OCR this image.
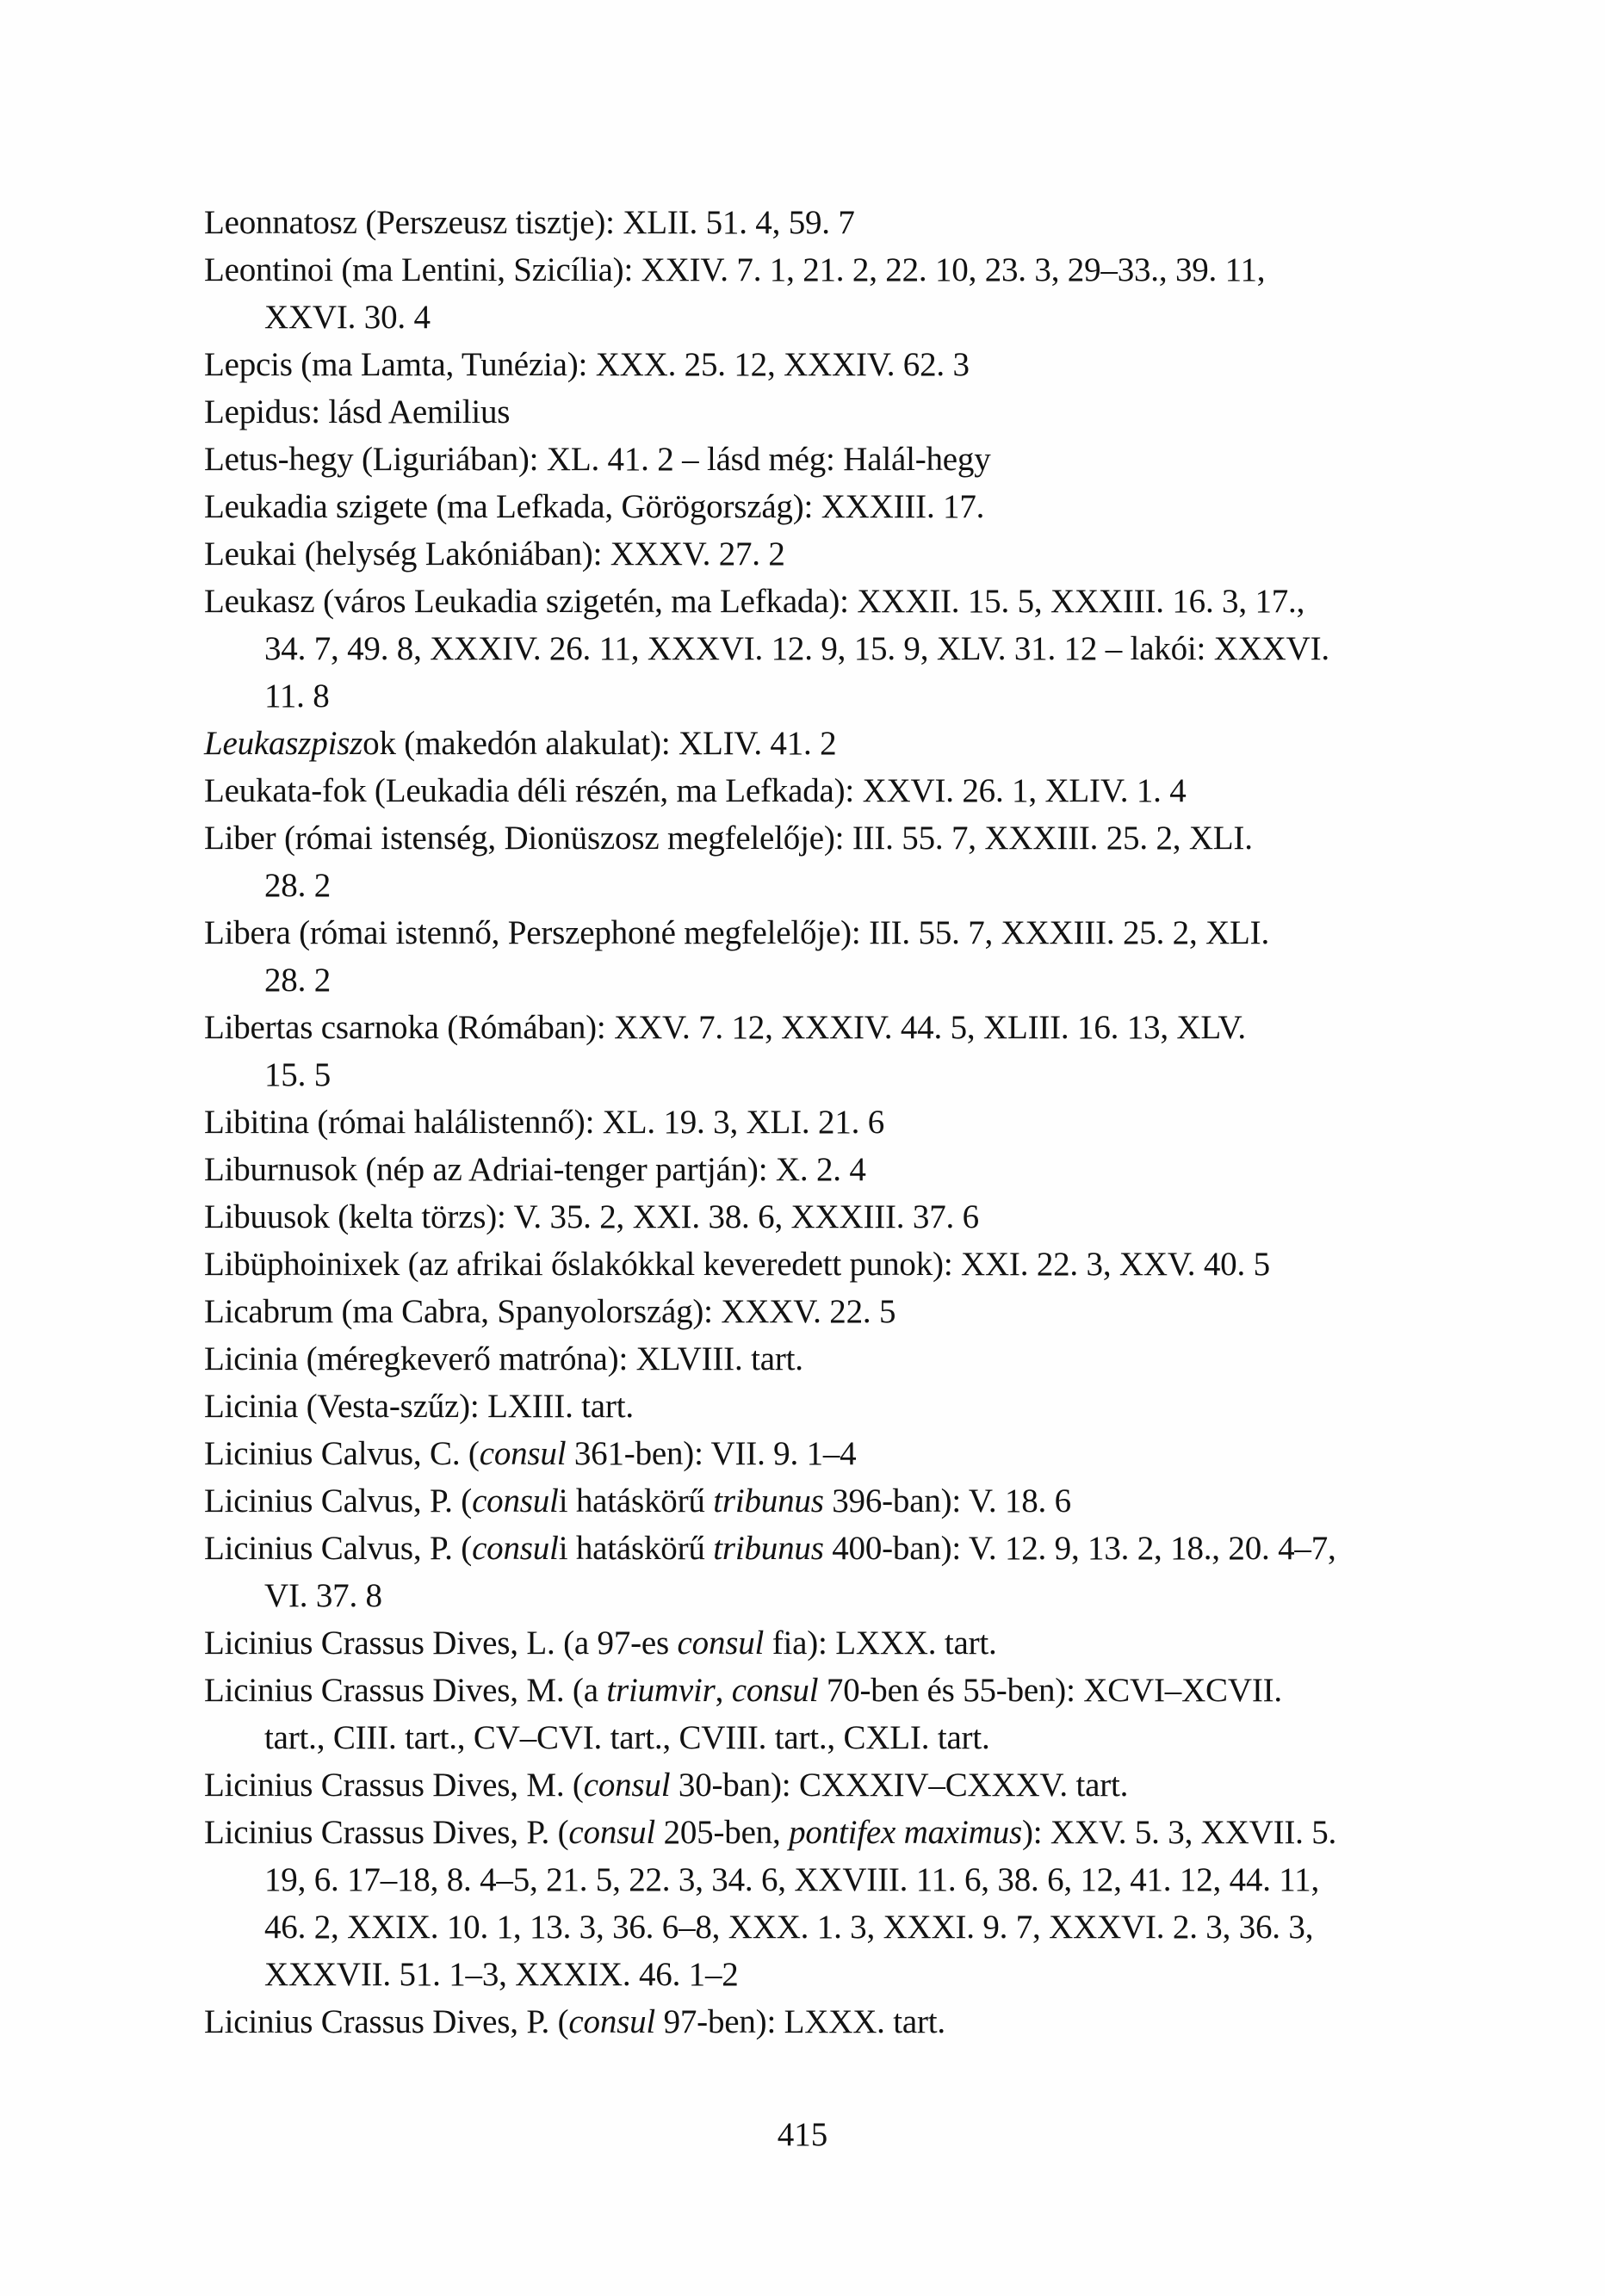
Leonnatosz (Perszeusz tisztje): XLII. 51. 4, 59. 7
Leontinoi (ma Lentini, Szicília): XXIV. 7. 1, 21. 2, 22. 10, 23. 3, 29–33., 39. 11,
XXVI. 30. 4
Lepcis (ma Lamta, Tunézia): XXX. 25. 12, XXXIV. 62. 3
Lepidus: lásd Aemilius
Letus-hegy (Liguriában): XL. 41. 2 – lásd még: Halál-hegy
Leukadia szigete (ma Lefkada, Görögország): XXXIII. 17.
Leukai (helység Lakóniában): XXXV. 27. 2
Leukasz (város Leukadia szigetén, ma Lefkada): XXXII. 15. 5, XXXIII. 16. 3, 17.,
34. 7, 49. 8, XXXIV. 26. 11, XXXVI. 12. 9, 15. 9, XLV. 31. 12 – lakói: XXXVI.
11. 8
Leukaszpiszok (makedón alakulat): XLIV. 41. 2
Leukata-fok (Leukadia déli részén, ma Lefkada): XXVI. 26. 1, XLIV. 1. 4
Liber (római istenség, Dionüszosz megfelelője): III. 55. 7, XXXIII. 25. 2, XLI.
28. 2
Libera (római istennő, Perszephoné megfelelője): III. 55. 7, XXXIII. 25. 2, XLI.
28. 2
Libertas csarnoka (Rómában): XXV. 7. 12, XXXIV. 44. 5, XLIII. 16. 13, XLV.
15. 5
Libitina (római halálistennő): XL. 19. 3, XLI. 21. 6
Liburnusok (nép az Adriai-tenger partján): X. 2. 4
Libuusok (kelta törzs): V. 35. 2, XXI. 38. 6, XXXIII. 37. 6
Libüphoinixek (az afrikai őslakókkal keveredett punok): XXI. 22. 3, XXV. 40. 5
Licabrum (ma Cabra, Spanyolország): XXXV. 22. 5
Licinia (méregkeverő matróna): XLVIII. tart.
Licinia (Vesta-szűz): LXIII. tart.
Licinius Calvus, C. (consul 361-ben): VII. 9. 1–4
Licinius Calvus, P. (consuli hatáskörű tribunus 396-ban): V. 18. 6
Licinius Calvus, P. (consuli hatáskörű tribunus 400-ban): V. 12. 9, 13. 2, 18., 20. 4–7,
VI. 37. 8
Licinius Crassus Dives, L. (a 97-es consul fia): LXXX. tart.
Licinius Crassus Dives, M. (a triumvir, consul 70-ben és 55-ben): XCVI–XCVII.
tart., CIII. tart., CV–CVI. tart., CVIII. tart., CXLI. tart.
Licinius Crassus Dives, M. (consul 30-ban): CXXXIV–CXXXV. tart.
Licinius Crassus Dives, P. (consul 205-ben, pontifex maximus): XXV. 5. 3, XXVII. 5.
19, 6. 17–18, 8. 4–5, 21. 5, 22. 3, 34. 6, XXVIII. 11. 6, 38. 6, 12, 41. 12, 44. 11,
46. 2, XXIX. 10. 1, 13. 3, 36. 6–8, XXX. 1. 3, XXXI. 9. 7, XXXVI. 2. 3, 36. 3,
XXXVII. 51. 1–3, XXXIX. 46. 1–2
Licinius Crassus Dives, P. (consul 97-ben): LXXX. tart.
415
